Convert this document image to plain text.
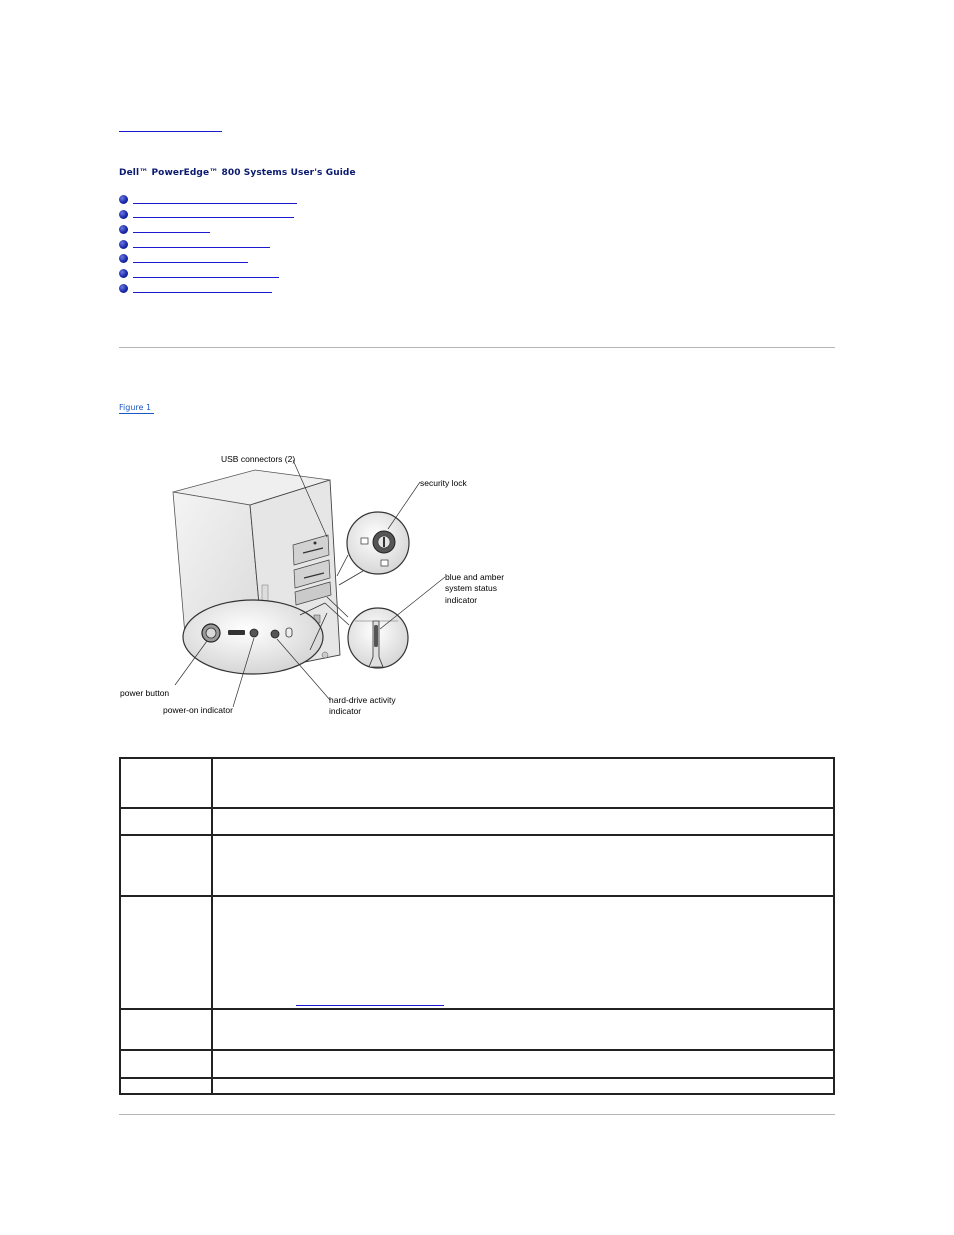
Dell™ PowerEdge™ 800 Systems User's Guide
Figure 1
USB connectors (2)
security lock
blue and amber
system status
indicator
power button
power-on indicator
hard-drive activity
indicator
